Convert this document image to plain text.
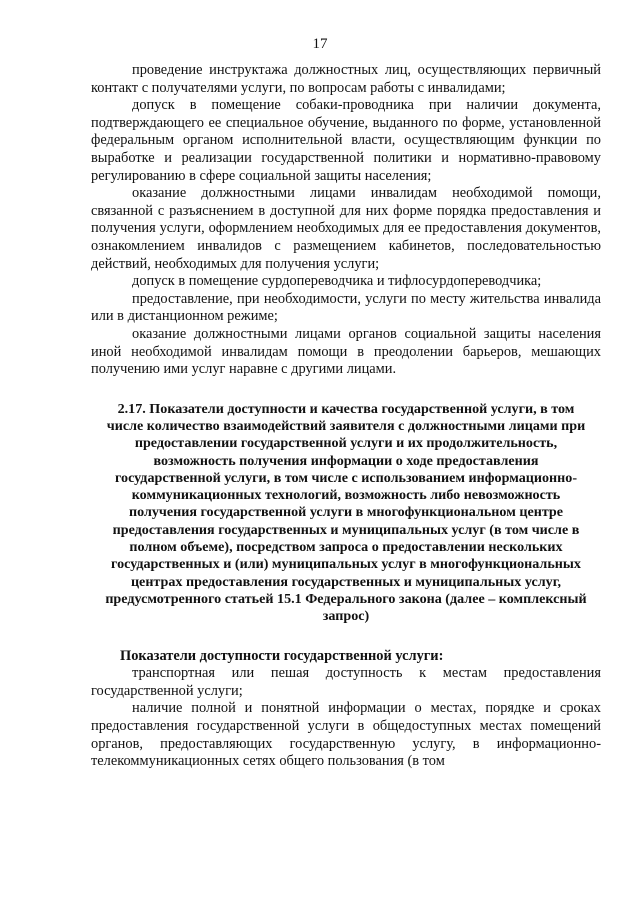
17

проведение инструктажа должностных лиц, осуществляющих первичный контакт с получателями услуги, по вопросам работы с инвалидами;

допуск в помещение собаки-проводника при наличии документа, подтверждающего ее специальное обучение, выданного по форме, установленной федеральным органом исполнительной власти, осуществляющим функции по выработке и реализации государственной политики и нормативно-правовому регулированию в сфере социальной защиты населения;

оказание должностными лицами инвалидам необходимой помощи, связанной с разъяснением в доступной для них форме порядка предоставления и получения услуги, оформлением необходимых для ее предоставления документов, ознакомлением инвалидов с размещением кабинетов, последовательностью действий, необходимых для получения услуги;

допуск в помещение сурдопереводчика и тифлосурдопереводчика;

предоставление, при необходимости, услуги по месту жительства инвалида или в дистанционном режиме;

оказание должностными лицами органов социальной защиты населения иной необходимой инвалидам помощи в преодолении барьеров, мешающих получению ими услуг наравне с другими лицами.

2.17. Показатели доступности и качества государственной услуги, в том числе количество взаимодействий заявителя с должностными лицами при предоставлении государственной услуги и их продолжительность, возможность получения информации о ходе предоставления государственной услуги, в том числе с использованием информационно-коммуникационных технологий, возможность либо невозможность получения государственной услуги в многофункциональном центре предоставления государственных и муниципальных услуг (в том числе в полном объеме), посредством запроса о предоставлении нескольких государственных и (или) муниципальных услуг в многофункциональных центрах предоставления государственных и муниципальных услуг, предусмотренного статьей 15.1 Федерального закона (далее – комплексный запрос)

Показатели доступности государственной услуги:

транспортная или пешая доступность к местам предоставления государственной услуги;

наличие полной и понятной информации о местах, порядке и сроках предоставления государственной услуги в общедоступных местах помещений органов, предоставляющих государственную услугу, в информационно-телекоммуникационных сетях общего пользования (в том
